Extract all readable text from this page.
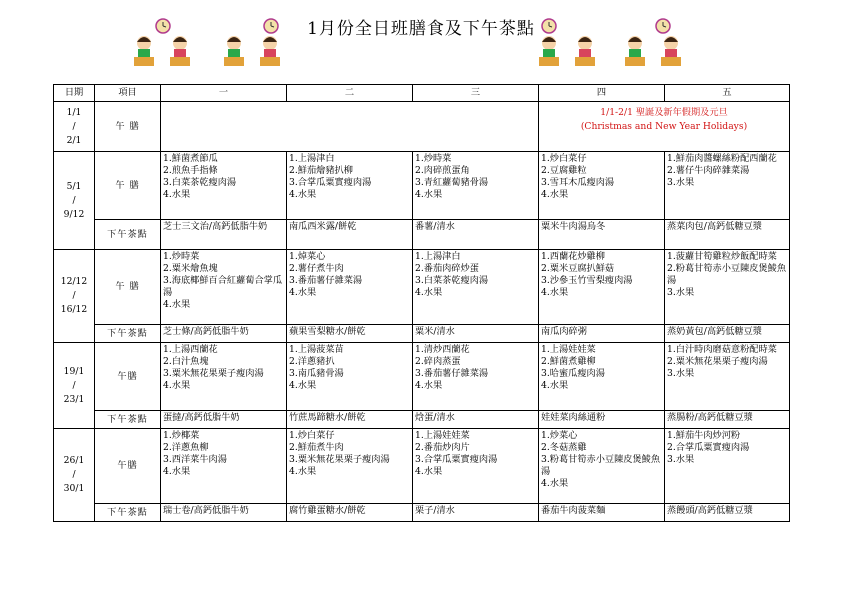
1月份全日班膳食及下午茶點
日期	項目	一	二	三	四	五

1/1
/
2/1	午 膳				1/1-2/1 聖誕及新年假期及元旦
(Christmas and New Year Holidays)	

5/1
/
9/12	午 膳	1.鮮菌煮節瓜
2.煎魚手指條
3.白菜茶乾瘦肉湯
4.水果	1.上湯津白
2.鮮茄燴豬扒柳
3.合掌瓜粟實瘦肉湯
4.水果	1.炒時菜
2.肉碎煎蛋角
3.青紅蘿蔔豬骨湯
4.水果	1.炒白菜仔
2.豆腐雞粒
3.雪耳木瓜瘦肉湯
4.水果	1.鮮茄肉醬螺絲粉配西蘭花
2.薯仔牛肉碎雜菜湯
3.水果

	下午茶點	芝士三文治/高鈣低脂牛奶	南瓜西米露/餅乾	番薯/清水	粟米牛肉湯烏冬	蒸菜肉包/高鈣低糖豆漿

12/12
/
16/12	午 膳	1.炒時菜
2.粟米燴魚塊
3.海底椰鮮百合紅蘿蔔合掌瓜湯
4.水果	1.焯菜心
2.薯仔煮牛肉
3.番茄薯仔雜菜湯
4.水果	1.上湯津白
2.番茄肉碎炒蛋
3.白菜茶乾瘦肉湯
4.水果	1.西蘭花炒雞柳
2.粟米豆腐扒鮮菇
3.沙參玉竹雪梨瘦肉湯
4.水果	1.菠蘿甘筍雞粒炒飯配時菜
2.粉葛甘筍赤小豆陳皮煲鯪魚湯
3.水果

	下午茶點	芝士條/高鈣低脂牛奶	蘋果雪梨糖水/餅乾	粟米/清水	南瓜肉碎粥	蒸奶黃包/高鈣低糖豆漿

19/1
/
23/1	午膳	1.上湯西蘭花
2.白汁魚塊
3.粟米無花果栗子瘦肉湯
4.水果	1.上湯菠菜苗
2.洋蔥豬扒
3.南瓜豬骨湯
4.水果	1.清炒西蘭花
2.碎肉蒸蛋
3.番茄薯仔雜菜湯
4.水果	1.上湯娃娃菜
2.鮮菌煮雞柳
3.哈蜜瓜瘦肉湯
4.水果	1.白汁時肉磨菇意粉配時菜
2.粟米無花果栗子瘦肉湯
3.水果

	下午茶點	蛋撻/高鈣低脂牛奶	竹蔗馬蹄糖水/餅乾	焓蛋/清水	娃娃菜肉絲通粉	蒸腸粉/高鈣低糖豆漿

26/1
/
30/1	午膳	1.炒椰菜
2.洋蔥魚柳
3.西洋菜牛肉湯
4.水果	1.炒白菜仔
2.鮮茄煮牛肉
3.粟米無花果栗子瘦肉湯
4.水果	1.上湯娃娃菜
2.番茄炒肉片
3.合掌瓜粟實瘦肉湯
4.水果	1.炒菜心
2.冬菇蒸雞
3.粉葛甘筍赤小豆陳皮煲鯪魚湯
4.水果	1.鮮茄牛肉炒河粉
2.合掌瓜粟實瘦肉湯
3.水果

	下午茶點	瑞士卷/高鈣低脂牛奶	腐竹雞蛋糖水/餅乾	栗子/清水	番茄牛肉菠菜麵	蒸饅頭/高鈣低糖豆漿
